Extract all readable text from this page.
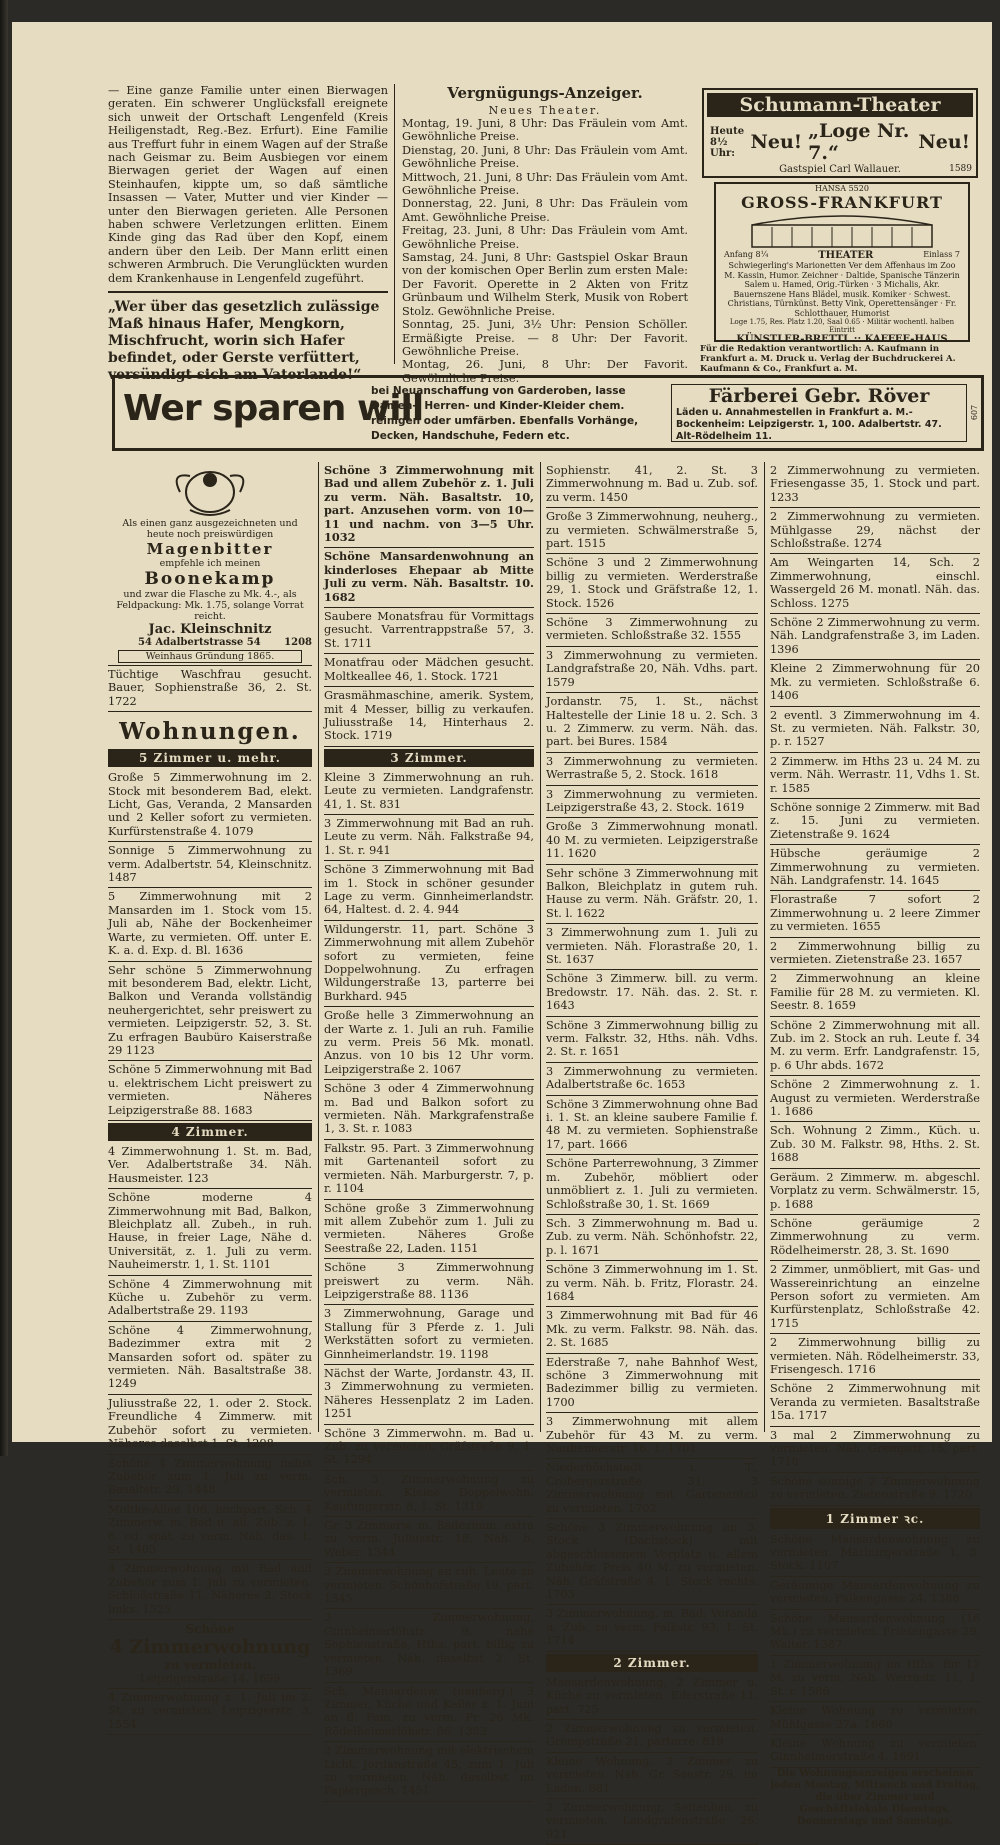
— Eine ganze Familie unter einen Bierwagen geraten. Ein schwerer Unglücksfall ereignete sich unweit der Ortschaft Lengenfeld (Kreis Heiligenstadt, Reg.-Bez. Erfurt). Eine Familie aus Treffurt fuhr in einem Wagen auf der Straße nach Geismar zu. Beim Ausbiegen vor einem Bierwagen geriet der Wagen auf einen Steinhaufen, kippte um, so daß sämtliche Insassen — Vater, Mutter und vier Kinder — unter den Bierwagen gerieten. Alle Personen haben schwere Verletzungen erlitten. Einem Kinde ging das Rad über den Kopf, einem andern über den Leib. Der Mann erlitt einen schweren Armbruch. Die Verunglückten wurden dem Krankenhause in Lengenfeld zugeführt.

„Wer über das gesetzlich zulässige Maß hinaus Hafer, Mengkorn, Mischfrucht, worin sich Hafer befindet, oder Gerste verfüttert, versündigt sich am Vaterlande!“

Vergnügungs-Anzeiger.
Neues Theater.

Montag, 19. Juni, 8 Uhr: Das Fräulein vom Amt. Gewöhnliche Preise.

Dienstag, 20. Juni, 8 Uhr: Das Fräulein vom Amt. Gewöhnliche Preise.

Mittwoch, 21. Juni, 8 Uhr: Das Fräulein vom Amt. Gewöhnliche Preise.

Donnerstag, 22. Juni, 8 Uhr: Das Fräulein vom Amt. Gewöhnliche Preise.

Freitag, 23. Juni, 8 Uhr: Das Fräulein vom Amt. Gewöhnliche Preise.

Samstag, 24. Juni, 8 Uhr: Gastspiel Oskar Braun von der komischen Oper Berlin zum ersten Male: Der Favorit. Operette in 2 Akten von Fritz Grünbaum und Wilhelm Sterk, Musik von Robert Stolz. Gewöhnliche Preise.

Sonntag, 25. Juni, 3½ Uhr: Pension Schöller. Ermäßigte Preise. — 8 Uhr: Der Favorit. Gewöhnliche Preise.

Montag, 26. Juni, 8 Uhr: Der Favorit. Gewöhnliche Preise.

Schumann-Theater
Heute
8½ Uhr: Neu! „Loge Nr. 7.“	Neu!
Gastspiel Carl Wallauer.	1589
HANSA 5520
GROSS-FRANKFURT
Anfang 8¼	THEATER	Einlass 7
Schwiegerling's Marionetten Ver dem Affenhaus im Zoo M. Kassin, Humor. Zeichner · Daltide, Spanische Tänzerin Salem u. Hamed, Orig.-Türken · 3 Michalis, Akr. Bauernszene Hans Blädel, musik. Komiker · Schwest. Christians, Türnkünst. Betty Vink, Operettensänger · Fr. Schlotthauer, Humorist
Loge 1.75, Res. Platz 1.20, Saal 0.65 · Militär wochentl. halben Eintritt
KÜNSTLER-BRETTL :: KAFFEE-HAUS
Für die Redaktion verantwortlich: A. Kaufmann in Frankfurt a. M. Druck u. Verlag der Buchdruckerei A. Kaufmann & Co., Frankfurt a. M.
Wer sparen will
bei Neuanschaffung von Garderoben, lasse Damen-, Herren- und Kinder-Kleider chem. reinigen oder umfärben. Ebenfalls Vorhänge, Decken, Handschuhe, Federn etc.
Färberei Gebr. Röver
Läden u. Annahmestellen in Frankfurt a. M.-Bockenheim: Leipzigerstr. 1, 100. Adalbertstr. 47. Alt-Rödelheim 11.
607
Als einen ganz ausgezeichneten und heute noch preiswürdigen
Magenbitter
empfehle ich meinen
Boonekamp
und zwar die Flasche zu Mk. 4.-, als Feldpackung: Mk. 1.75, solange Vorrat reicht.
Jac. Kleinschnitz
54 Adalbertstrasse 54 1208
Weinhaus Gründung 1865.
Tüchtige Waschfrau gesucht. Bauer, Sophienstraße 36, 2. St. 1722
Wohnungen.
5 Zimmer u. mehr.
Große 5 Zimmerwohnung im 2. Stock mit besonderem Bad, elekt. Licht, Gas, Veranda, 2 Mansarden und 2 Keller sofort zu vermieten. Kurfürstenstraße 4. 1079
Sonnige 5 Zimmerwohnung zu verm. Adalbertstr. 54, Kleinschnitz. 1487
5 Zimmerwohnung mit 2 Mansarden im 1. Stock vom 15. Juli ab, Nähe der Bockenheimer Warte, zu vermieten. Off. unter E. K. a. d. Exp. d. Bl. 1636
Sehr schöne 5 Zimmerwohnung mit besonderem Bad, elektr. Licht, Balkon und Veranda vollständig neuhergerichtet, sehr preiswert zu vermieten. Leipzigerstr. 52, 3. St. Zu erfragen Baubüro Kaiserstraße 29 1123
Schöne 5 Zimmerwohnung mit Bad u. elektrischem Licht preiswert zu vermieten. Näheres Leipzigerstraße 88. 1683
4 Zimmer.
4 Zimmerwohnung 1. St. m. Bad, Ver. Adalbertstraße 34. Näh. Hausmeister. 123
Schöne moderne 4 Zimmerwohnung mit Bad, Balkon, Bleichplatz all. Zubeh., in ruh. Hause, in freier Lage, Nähe d. Universität, z. 1. Juli zu verm. Nauheimerstr. 1, 1. St. 1101
Schöne 4 Zimmerwohnung mit Küche u. Zubehör zu verm. Adalbertstraße 29. 1193
Schöne 4 Zimmerwohnung, Badezimmer extra mit 2 Mansarden sofort od. später zu vermieten. Näh. Basaltstraße 38. 1249
Juliusstraße 22, 1. oder 2. Stock. Freundliche 4 Zimmerw. mit Zubehör sofort zu vermieten. Näheres daselbst 1. St. 1298
Schöne 4 Zimmerwohnung nebst Zubehör zum 1. Juli zu verm. Basaltstr. 29. 1448
Moltke-Allee 106, hochpart. Sch. 4 Zimmerw. m. Bad u. all. Zub. z. 1. 6. od. spät. zu verm. Näh. das. 1. St. 1403
4 Zimmerwohnung mit Bad und Zubehör zum 1. Juli zu vermieten. Schloßstraße 11. Näheres 2. Stock links. 1525
Schöne
4 Zimmerwohnung
zu vermieten.
Leipzigerstraße 14. 1699
4 Zimmerwohnung z. 1. Juli im 2. St. zu vermieten. Leipzigerstr. 3. 1554
Schöne 3 Zimmerwohnung mit Bad und allem Zubehör z. 1. Juli zu verm. Näh. Basaltstr. 10, part. Anzusehen vorm. von 10—11 und nachm. von 3—5 Uhr. 1032
Schöne Mansardenwohnung an kinderloses Ehepaar ab Mitte Juli zu verm. Näh. Basaltstr. 10. 1682
Saubere Monatsfrau für Vormittags gesucht. Varrentrappstraße 57, 3. St. 1711
Monatfrau oder Mädchen gesucht. Moltkeallee 46, 1. Stock. 1721
Grasmähmaschine, amerik. System, mit 4 Messer, billig zu verkaufen. Juliusstraße 14, Hinterhaus 2. Stock. 1719
3 Zimmer.
Kleine 3 Zimmerwohnung an ruh. Leute zu vermieten. Landgrafenstr. 41, 1. St. 831
3 Zimmerwohnung mit Bad an ruh. Leute zu verm. Näh. Falkstraße 94, 1. St. r. 941
Schöne 3 Zimmerwohnung mit Bad im 1. Stock in schöner gesunder Lage zu verm. Ginnheimerlandstr. 64, Haltest. d. 2. 4. 944
Wildungerstr. 11, part. Schöne 3 Zimmerwohnung mit allem Zubehör sofort zu vermieten, feine Doppelwohnung. Zu erfragen Wildungerstraße 13, parterre bei Burkhard. 945
Große helle 3 Zimmerwohnung an der Warte z. 1. Juli an ruh. Familie zu verm. Preis 56 Mk. monatl. Anzus. von 10 bis 12 Uhr vorm. Leipzigerstraße 2. 1067
Schöne 3 oder 4 Zimmerwohnung m. Bad und Balkon sofort zu vermieten. Näh. Markgrafenstraße 1, 3. St. r. 1083
Falkstr. 95. Part. 3 Zimmerwohnung mit Gartenanteil sofort zu vermieten. Näh. Marburgerstr. 7, p. r. 1104
Schöne große 3 Zimmerwohnung mit allem Zubehör zum 1. Juli zu vermieten. Näheres Große Seestraße 22, Laden. 1151
Schöne 3 Zimmerwohnung preiswert zu verm. Näh. Leipzigerstraße 88. 1136
3 Zimmerwohnung, Garage und Stallung für 3 Pferde z. 1. Juli Werkstätten sofort zu vermieten. Ginnheimerlandstr. 19. 1198
Nächst der Warte, Jordanstr. 43, II. 3 Zimmerwohnung zu vermieten. Näheres Hessenplatz 2 im Laden. 1251
Schöne 3 Zimmerwohn. m. Bad u. Zub. zu vermieten. Gräfstraße 9, 1. St. 1294
Sch. 3 Zimmerwohnung zu vermieten. Kleine Doppelwohn. Kaufungerstr. 8, 1. St. 1319
Gr. 3 Zimmerw. m. Badezimm. extra zu verm. Juliusstr. 18, Näh. b. Weber. 1344
3 Zimmerwohnung an ruh. Leute zu vermieten. Schönhofstraße 19, part. 1345
3 Zimmerwohnung, Ginnheimerlöhstr. 9, nahe Sophienstraße, Hths. part. billig zu vermieten. Näh. daselbst 2. St. 1369
Sch. Mansardenw. (neuherg.) 3 Zimmer, Küche und Keller z. 1. Juni an fl. Fam. zu verm. Pr. 26 Mk. Rödelheimerlöhstr. 86. 1383
3 Zimmerwohnung mit elektrischem Licht, Jordanstraße 45, zum 1. Juli zu vermieten. Näh. daselbst im Papiergesch. 1451
Sophienstr. 41, 2. St. 3 Zimmerwohnung m. Bad u. Zub. sof. zu verm. 1450
Große 3 Zimmerwohnung, neuherg., zu vermieten. Schwälmerstraße 5, part. 1515
Schöne 3 und 2 Zimmerwohnung billig zu vermieten. Werderstraße 29, 1. Stock und Gräfstraße 12, 1. Stock. 1526
Schöne 3 Zimmerwohnung zu vermieten. Schloßstraße 32. 1555
3 Zimmerwohnung zu vermieten. Landgrafstraße 20, Näh. Vdhs. part. 1579
Jordanstr. 75, 1. St., nächst Haltestelle der Linie 18 u. 2. Sch. 3 u. 2 Zimmerw. zu verm. Näh. das. part. bei Bures. 1584
3 Zimmerwohnung zu vermieten. Werrastraße 5, 2. Stock. 1618
3 Zimmerwohnung zu vermieten. Leipzigerstraße 43, 2. Stock. 1619
Große 3 Zimmerwohnung monatl. 40 M. zu vermieten. Leipzigerstraße 11. 1620
Sehr schöne 3 Zimmerwohnung mit Balkon, Bleichplatz in gutem ruh. Hause zu verm. Näh. Gräfstr. 20, 1. St. l. 1622
3 Zimmerwohnung zum 1. Juli zu vermieten. Näh. Florastraße 20, 1. St. 1637
Schöne 3 Zimmerw. bill. zu verm. Bredowstr. 17. Näh. das. 2. St. r. 1643
Schöne 3 Zimmerwohnung billig zu verm. Falkstr. 32, Hths. näh. Vdhs. 2. St. r. 1651
3 Zimmerwohnung zu vermieten. Adalbertstraße 6c. 1653
Schöne 3 Zimmerwohnung ohne Bad i. 1. St. an kleine saubere Familie f. 48 M. zu vermieten. Sophienstraße 17, part. 1666
Schöne Parterrewohnung, 3 Zimmer m. Zubehör, möbliert oder unmöbliert z. 1. Juli zu vermieten. Schloßstraße 30, 1. St. 1669
Sch. 3 Zimmerwohnung m. Bad u. Zub. zu verm. Näh. Schönhofstr. 22, p. l. 1671
Schöne 3 Zimmerwohnung im 1. St. zu verm. Näh. b. Fritz, Florastr. 24. 1684
3 Zimmerwohnung mit Bad für 46 Mk. zu verm. Falkstr. 98. Näh. das. 2. St. 1685
Ederstraße 7, nahe Bahnhof West, schöne 3 Zimmerwohnung mit Badezimmer billig zu vermieten. 1700
3 Zimmerwohnung mit allem Zubehör für 43 M. zu verm. Nauheimerstr. 16, 1. 1701
Niederhöchstadt i. T., Crobergerstraße 31, 3 Zimmerwohnung mit Gartenanteil zu vermieten. 1702
Schöne 3 Zimmerwohnung im 3. Stock (Dachstock) mit abgeschlossenem Vorplatz u. allem Zubehör, Preis 40 M. zu vermieten. Näh. Gräfstraße 4, 1. Stock rechts. 1703
3 Zimmerwohnung, m. Bad, Veranda u. Zub. zu verm. Falkstr. 93, 1. St. 1714
2 Zimmer.
Mansardenwohnung, 2 Zimmer u. Küche zu vermieten. Ederstraße 11, part. 725
2 Zimmerwohnung zu vermieten. Grempstraße 21, parterre. 819
Kleine Wohnung, 2 Zimmer zu vermieten. Näh. Gr. Seestr. 29, im Laden. 881
2 Zimmerwohnung, Seitenbau, zu vermieten. Landgrafenstraße 26. 921
2 Zimmerwohnung zu vermieten. Friesengasse 35, 1. Stock und part. 1233
2 Zimmerwohnung zu vermieten. Mühlgasse 29, nächst der Schloßstraße. 1274
Am Weingarten 14, Sch. 2 Zimmerwohnung, einschl. Wassergeld 26 M. monatl. Näh. das. Schloss. 1275
Schöne 2 Zimmerwohnung zu verm. Näh. Landgrafenstraße 3, im Laden. 1396
Kleine 2 Zimmerwohnung für 20 Mk. zu vermieten. Schloßstraße 6. 1406
2 eventl. 3 Zimmerwohnung im 4. St. zu vermieten. Näh. Falkstr. 30, p. r. 1527
2 Zimmerw. im Hths 23 u. 24 M. zu verm. Näh. Werrastr. 11, Vdhs 1. St. r. 1585
Schöne sonnige 2 Zimmerw. mit Bad z. 15. Juni zu vermieten. Zietenstraße 9. 1624
Hübsche geräumige 2 Zimmerwohnung zu vermieten. Näh. Landgrafenstr. 14. 1645
Florastraße 7 sofort 2 Zimmerwohnung u. 2 leere Zimmer zu vermieten. 1655
2 Zimmerwohnung billig zu vermieten. Zietenstraße 23. 1657
2 Zimmerwohnung an kleine Familie für 28 M. zu vermieten. Kl. Seestr. 8. 1659
Schöne 2 Zimmerwohnung mit all. Zub. im 2. Stock an ruh. Leute f. 34 M. zu verm. Erfr. Landgrafenstr. 15, p. 6 Uhr abds. 1672
Schöne 2 Zimmerwohnung z. 1. August zu vermieten. Werderstraße 1. 1686
Sch. Wohnung 2 Zimm., Küch. u. Zub. 30 M. Falkstr. 98, Hths. 2. St. 1688
Geräum. 2 Zimmerw. m. abgeschl. Vorplatz zu verm. Schwälmerstr. 15, p. 1688
Schöne geräumige 2 Zimmerwohnung zu verm. Rödelheimerstr. 28, 3. St. 1690
2 Zimmer, unmöbliert, mit Gas- und Wassereinrichtung an einzelne Person sofort zu vermieten. Am Kurfürstenplatz, Schloßstraße 42. 1715
2 Zimmerwohnung billig zu vermieten. Näh. Rödelheimerstr. 33, Frisengesch. 1716
Schöne 2 Zimmerwohnung mit Veranda zu vermieten. Basaltstraße 15a. 1717
3 mal 2 Zimmerwohnung zu vermieten. Näh. Grempstr. 15, part. 1718
Schöne sonnige 2 Zimmerwohnung zu vermieten. Zietenstraße 9. 1720
1 Zimmer ꝛc.
Schöne Mansardenwohnung zu vermieten. Marburgerstraße 1, 3. Stock. 1107
Geräumige Mansardenwohnung zu vermieten. Falkengasse 24. 1386
Schöne Mansardenwohnung (16 Mk.) zu vermieten. Friesengasse 29, Walter. 1387
1 Zimmerwohnung im Hths. für 12 M. zu verm. Näh. Werrastr. 11, 1. St. r. 1586
Kleine Wohnung zu vermieten. Mühlgasse 27a. 1660
Kleine Wohnung zu vermieten. Ginnheimerstraße 4. 1691
Die Wohnungsanzeigen erscheinen jeden Montag, Mittwoch und Freitag, die über Zimmer und Geschäftslokale Dienstags, Donnerstags und Samstags.
